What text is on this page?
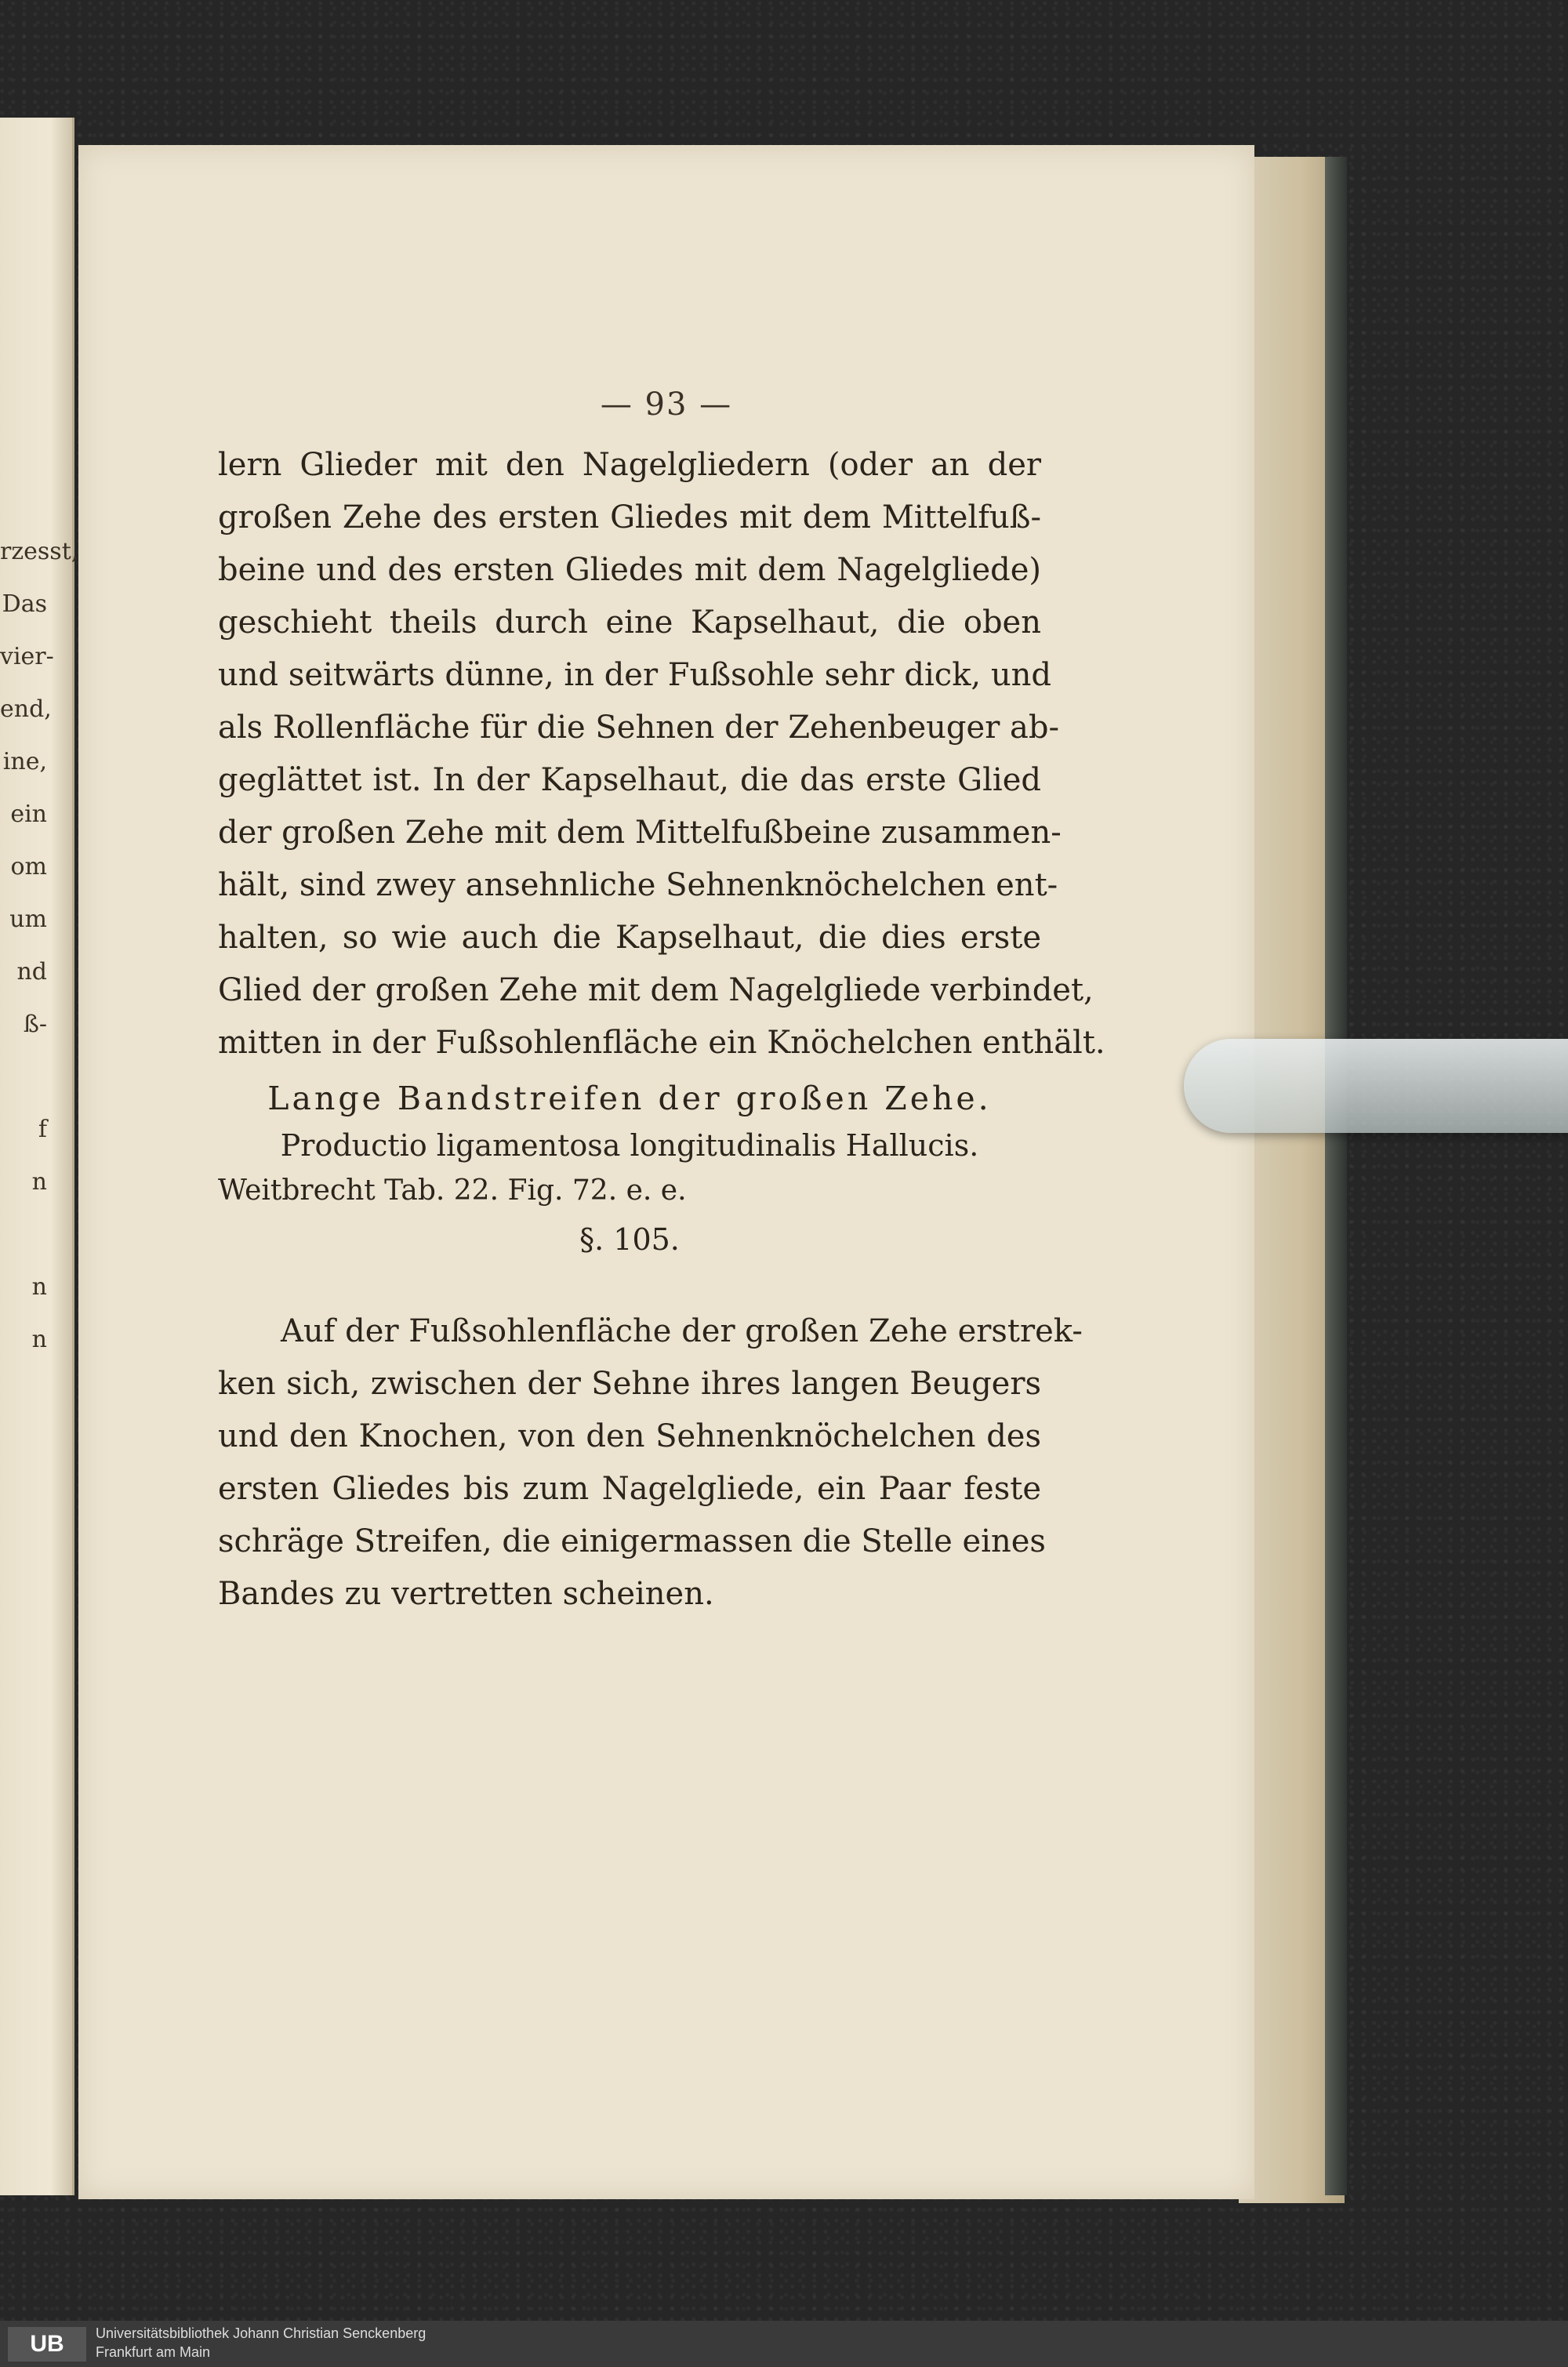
rzesst,
Das
vier-
end,
ine,
ein
om
um
nd
ß-

f
n

n
n
— 93 —
lern Glieder mit den Nagelgliedern (oder an der
großen Zehe des ersten Gliedes mit dem Mittelfuß-
beine und des ersten Gliedes mit dem Nagelgliede)
geschieht theils durch eine Kapselhaut, die oben
und seitwärts dünne, in der Fußsohle sehr dick, und
als Rollenfläche für die Sehnen der Zehenbeuger ab-
geglättet ist. In der Kapselhaut, die das erste Glied
der großen Zehe mit dem Mittelfußbeine zusammen-
hält, sind zwey ansehnliche Sehnenknöchelchen ent-
halten, so wie auch die Kapselhaut, die dies erste
Glied der großen Zehe mit dem Nagelgliede verbindet,
mitten in der Fußsohlenfläche ein Knöchelchen enthält.
Lange Bandstreifen der großen Zehe.
Productio ligamentosa longitudinalis Hallucis.
Weitbrecht Tab. 22. Fig. 72. e. e.
§. 105.
Auf der Fußsohlenfläche der großen Zehe erstrek-
ken sich, zwischen der Sehne ihres langen Beugers
und den Knochen, von den Sehnenknöchelchen des
ersten Gliedes bis zum Nagelgliede, ein Paar feste
schräge Streifen, die einigermassen die Stelle eines
Bandes zu vertretten scheinen.
UB	Universitätsbibliothek Johann Christian Senckenberg
Frankfurt am Main
